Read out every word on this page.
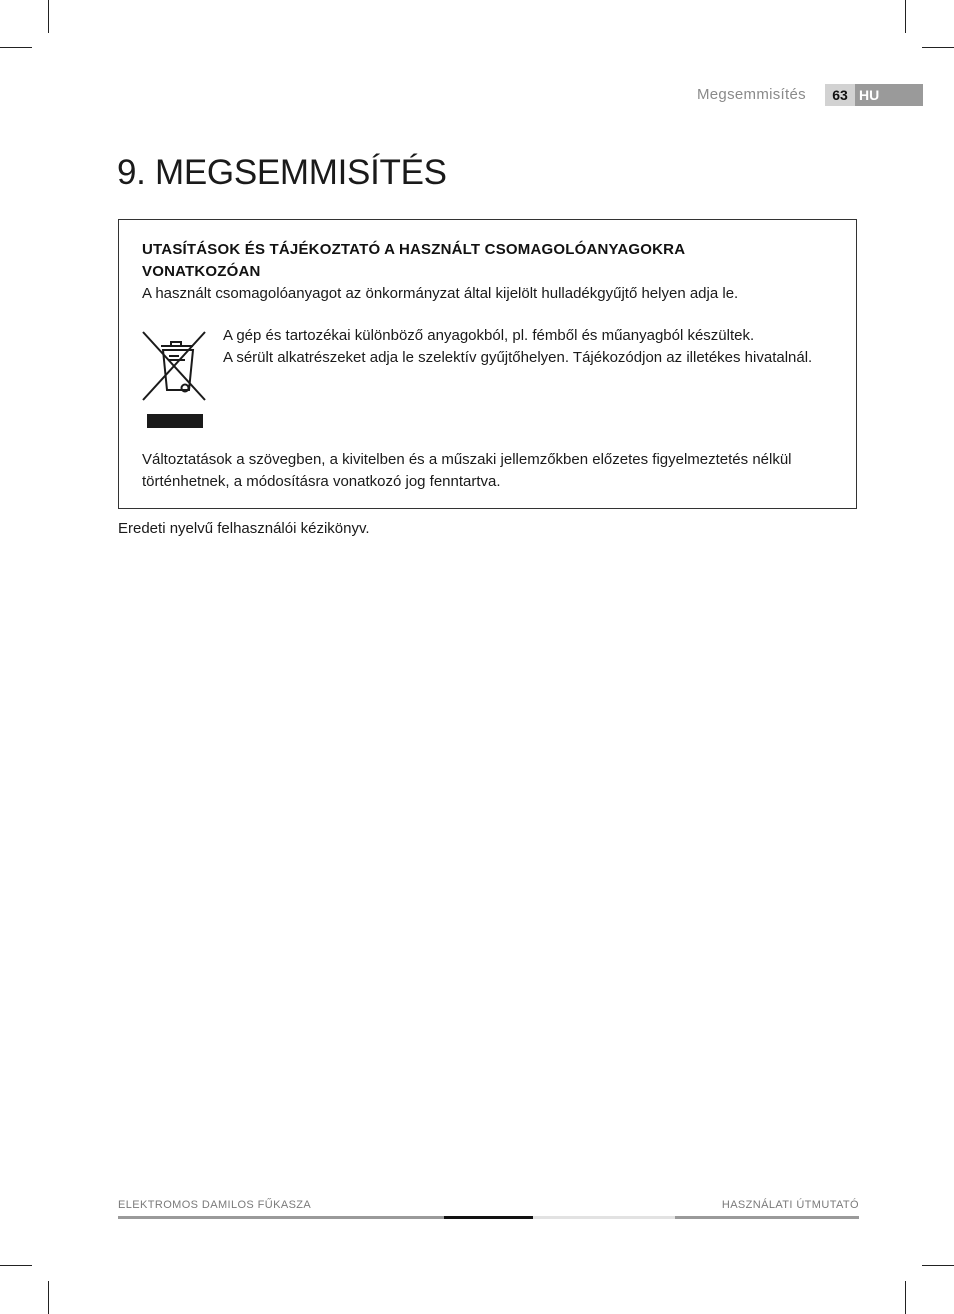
Megsemmisítés	63 HU
9. MEGSEMMISÍTÉS
UTASÍTÁSOK ÉS TÁJÉKOZTATÓ A HASZNÁLT CSOMAGOLÓANYAGOKRA VONATKOZÓAN
A használt csomagolóanyagot az önkormányzat által kijelölt hulladékgyűjtő helyen adja le.
A gép és tartozékai különböző anyagokból, pl. fémből és műanyagból készültek.
A sérült alkatrészeket adja le szelektív gyűjtőhelyen. Tájékozódjon az illetékes hivatalnál.
Változtatások a szövegben, a kivitelben és a műszaki jellemzőkben előzetes figyelmeztetés nélkül
történhetnek, a módosításra vonatkozó jog fenntartva.
Eredeti nyelvű felhasználói kézikönyv.
ELEKTROMOS DAMILOS FŰKASZA	HASZNÁLATI ÚTMUTATÓ
